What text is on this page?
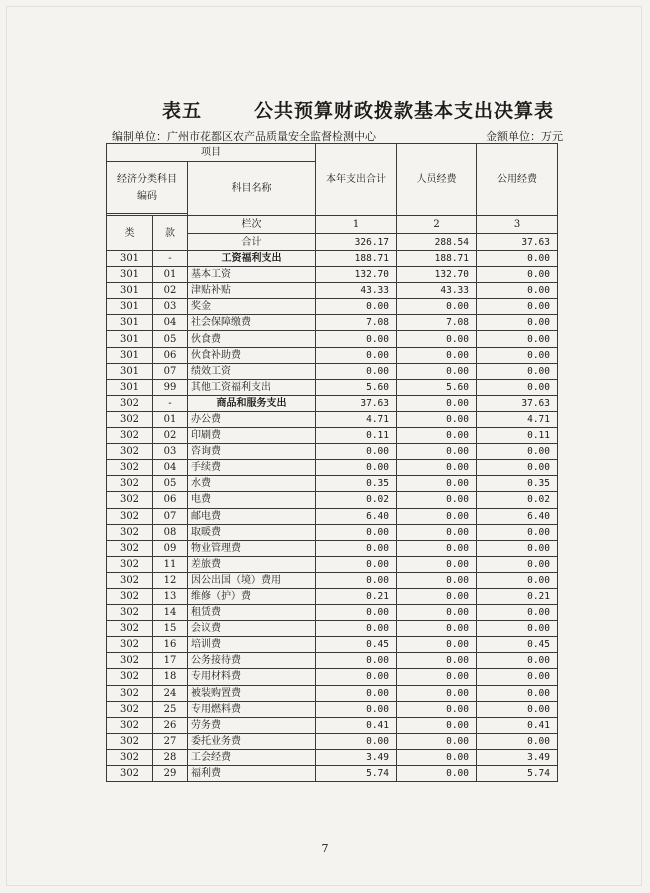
表五	公共预算财政拨款基本支出决算表
编制单位：广州市花都区农产品质量安全监督检测中心	金额单位：万元
项目			本年支出合计	人员经费	公用经费
经济分类科目
编码		科目名称			

类	款	栏次	1	2	3
		合计	326.17	288.54	37.63
301	-	工资福利支出	188.71	188.71	0.00
301	01	基本工资	132.70	132.70	0.00
301	02	津贴补贴	43.33	43.33	0.00
301	03	奖金	0.00	0.00	0.00
301	04	社会保障缴费	7.08	7.08	0.00
301	05	伙食费	0.00	0.00	0.00
301	06	伙食补助费	0.00	0.00	0.00
301	07	绩效工资	0.00	0.00	0.00
301	99	其他工资福利支出	5.60	5.60	0.00
302	-	商品和服务支出	37.63	0.00	37.63
302	01	办公费	4.71	0.00	4.71
302	02	印刷费	0.11	0.00	0.11
302	03	咨询费	0.00	0.00	0.00
302	04	手续费	0.00	0.00	0.00
302	05	水费	0.35	0.00	0.35
302	06	电费	0.02	0.00	0.02
302	07	邮电费	6.40	0.00	6.40
302	08	取暖费	0.00	0.00	0.00
302	09	物业管理费	0.00	0.00	0.00
302	11	差旅费	0.00	0.00	0.00
302	12	因公出国（境）费用	0.00	0.00	0.00
302	13	维修（护）费	0.21	0.00	0.21
302	14	租赁费	0.00	0.00	0.00
302	15	会议费	0.00	0.00	0.00
302	16	培训费	0.45	0.00	0.45
302	17	公务接待费	0.00	0.00	0.00
302	18	专用材料费	0.00	0.00	0.00
302	24	被装购置费	0.00	0.00	0.00
302	25	专用燃料费	0.00	0.00	0.00
302	26	劳务费	0.41	0.00	0.41
302	27	委托业务费	0.00	0.00	0.00
302	28	工会经费	3.49	0.00	3.49
302	29	福利费	5.74	0.00	5.74
7
